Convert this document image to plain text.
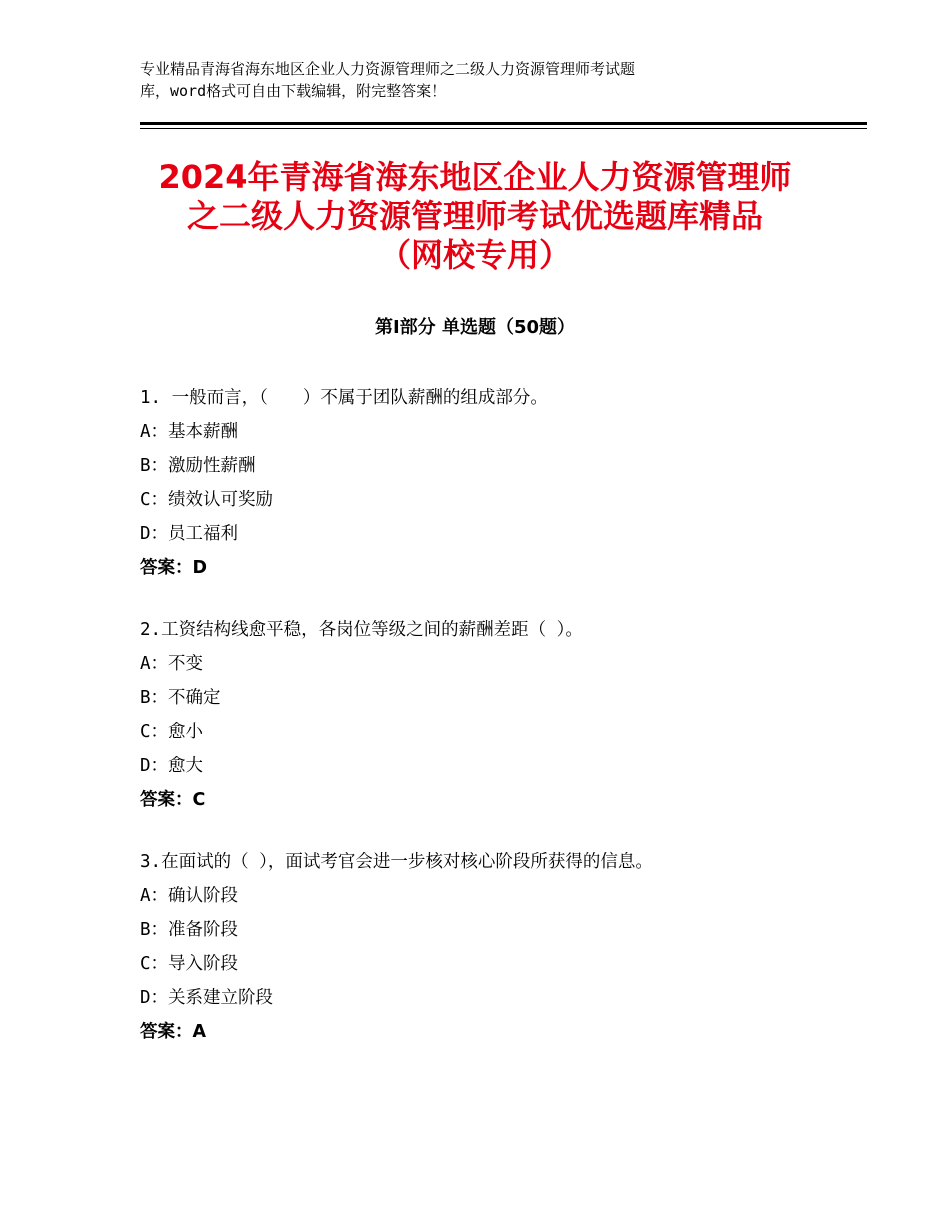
专业精品青海省海东地区企业人力资源管理师之二级人力资源管理师考试题
库，word格式可自由下载编辑，附完整答案！
2024年青海省海东地区企业人力资源管理师
之二级人力资源管理师考试优选题库精品
（网校专用）
第Ⅰ部分 单选题（50题）
1. 一般而言，（　　）不属于团队薪酬的组成部分。
A：基本薪酬
B：激励性薪酬
C：绩效认可奖励
D：员工福利
答案：D
2.工资结构线愈平稳，各岗位等级之间的薪酬差距（ ）。
A：不变
B：不确定
C：愈小
D：愈大
答案：C
3.在面试的（ ），面试考官会进一步核对核心阶段所获得的信息。
A：确认阶段
B：准备阶段
C：导入阶段
D：关系建立阶段
答案：A
